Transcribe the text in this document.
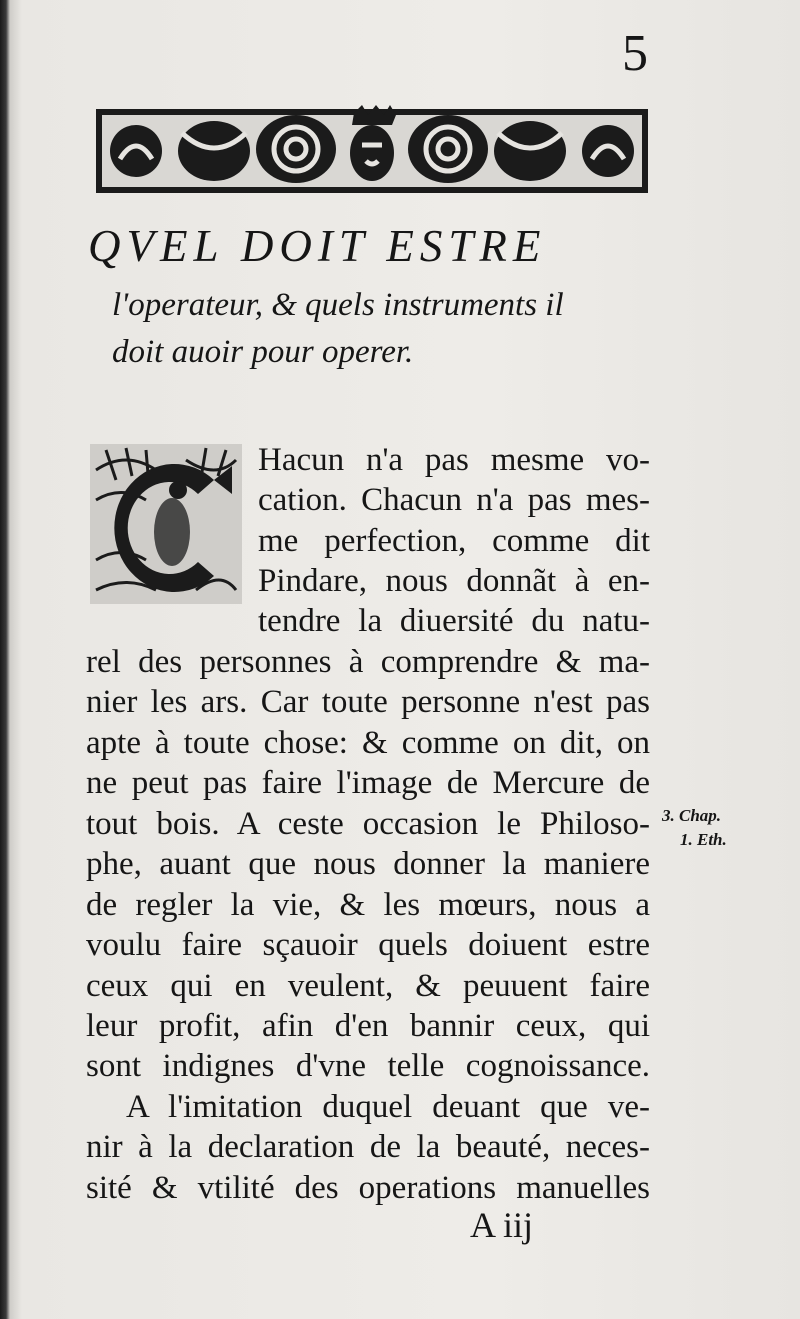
5
QVEL DOIT ESTRE
l'operateur, & quels instruments il
doit auoir pour operer.
Hacun n'a pas mesme vo-
cation. Chacun n'a pas mes-
me perfection, comme dit
Pindare, nous donnãt à en-
tendre la diuersité du natu-
rel des personnes à comprendre & ma-
nier les ars. Car toute personne n'est pas
apte à toute chose: & comme on dit, on
ne peut pas faire l'image de Mercure de
tout bois. A ceste occasion le Philoso-
phe, auant que nous donner la maniere
de regler la vie, & les mœurs, nous a
voulu faire sçauoir quels doiuent estre
ceux qui en veulent, & peuuent faire
leur profit, afin d'en bannir ceux, qui
sont indignes d'vne telle cognoissance.
A l'imitation duquel deuant que ve-
nir à la declaration de la beauté, neces-
sité & vtilité des operations manuelles
3. Chap.
1. Eth.
A iij
